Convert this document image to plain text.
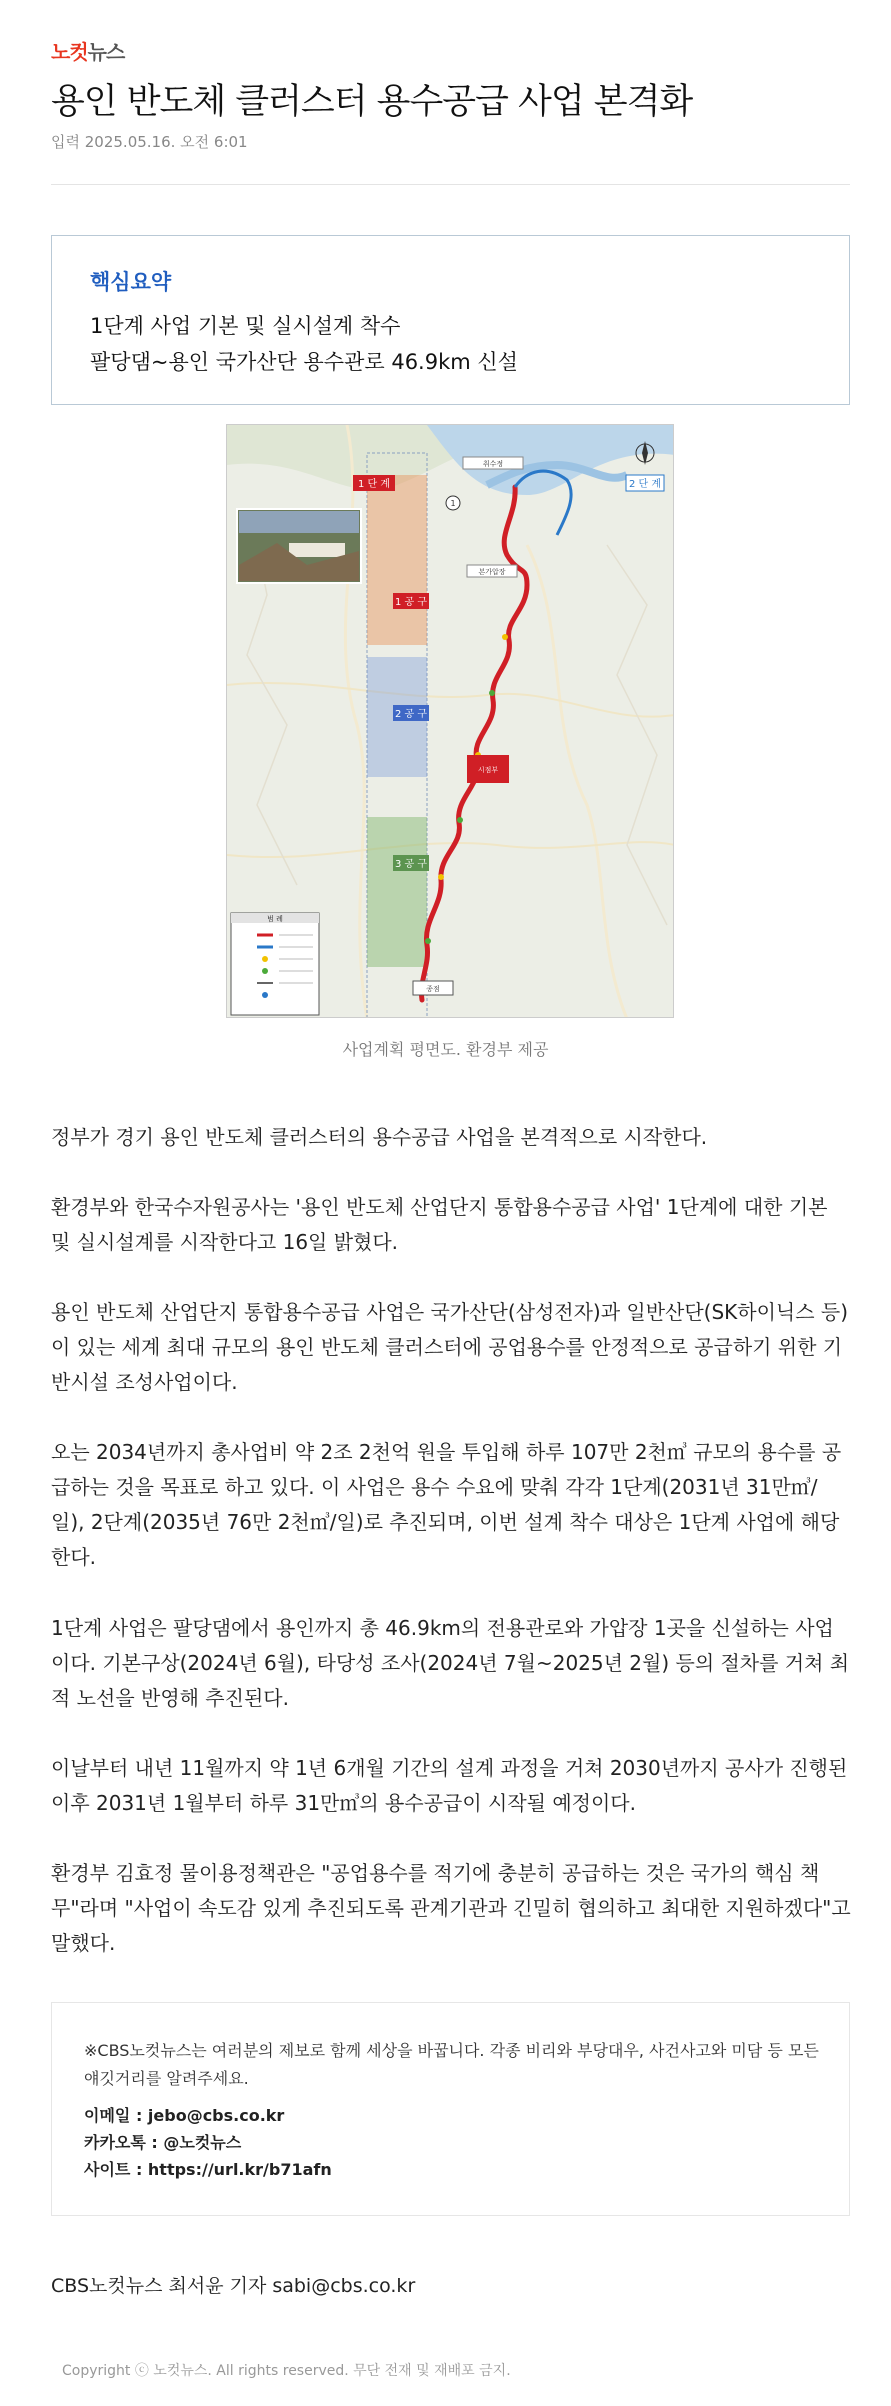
노컷뉴스
용인 반도체 클러스터 용수공급 사업 본격화
입력 2025.05.16. 오전 6:01
핵심요약
1단계 사업 기본 및 실시설계 착수
팔당댐~용인 국가산단 용수관로 46.9km 신설
1 단 계	2 단 계
1 공 구
2 공 구
3 공 구
1
취수정
본가압장
시점부
종점
범 례
사업계획 평면도. 환경부 제공

정부가 경기 용인 반도체 클러스터의 용수공급 사업을 본격적으로 시작한다.

환경부와 한국수자원공사는 '용인 반도체 산업단지 통합용수공급 사업' 1단계에 대한 기본 및 실시설계를 시작한다고 16일 밝혔다.

용인 반도체 산업단지 통합용수공급 사업은 국가산단(삼성전자)과 일반산단(SK하이닉스 등)이 있는 세계 최대 규모의 용인 반도체 클러스터에 공업용수를 안정적으로 공급하기 위한 기반시설 조성사업이다.

오는 2034년까지 총사업비 약 2조 2천억 원을 투입해 하루 107만 2천㎥ 규모의 용수를 공급하는 것을 목표로 하고 있다. 이 사업은 용수 수요에 맞춰 각각 1단계(2031년 31만㎥/일), 2단계(2035년 76만 2천㎥/일)로 추진되며, 이번 설계 착수 대상은 1단계 사업에 해당한다.

1단계 사업은 팔당댐에서 용인까지 총 46.9km의 전용관로와 가압장 1곳을 신설하는 사업이다. 기본구상(2024년 6월), 타당성 조사(2024년 7월~2025년 2월) 등의 절차를 거쳐 최적 노선을 반영해 추진된다.

이날부터 내년 11월까지 약 1년 6개월 기간의 설계 과정을 거쳐 2030년까지 공사가 진행된 이후 2031년 1월부터 하루 31만㎥의 용수공급이 시작될 예정이다.

환경부 김효정 물이용정책관은 "공업용수를 적기에 충분히 공급하는 것은 국가의 핵심 책무"라며 "사업이 속도감 있게 추진되도록 관계기관과 긴밀히 협의하고 최대한 지원하겠다"고 말했다.

※CBS노컷뉴스는 여러분의 제보로 함께 세상을 바꿉니다. 각종 비리와 부당대우, 사건사고와 미담 등 모든 얘깃거리를 알려주세요.
이메일 : jebo@cbs.co.kr
카카오톡 : @노컷뉴스
사이트 : https://url.kr/b71afn
CBS노컷뉴스 최서윤 기자 sabi@cbs.co.kr
Copyright ⓒ 노컷뉴스. All rights reserved. 무단 전재 및 재배포 금지.
